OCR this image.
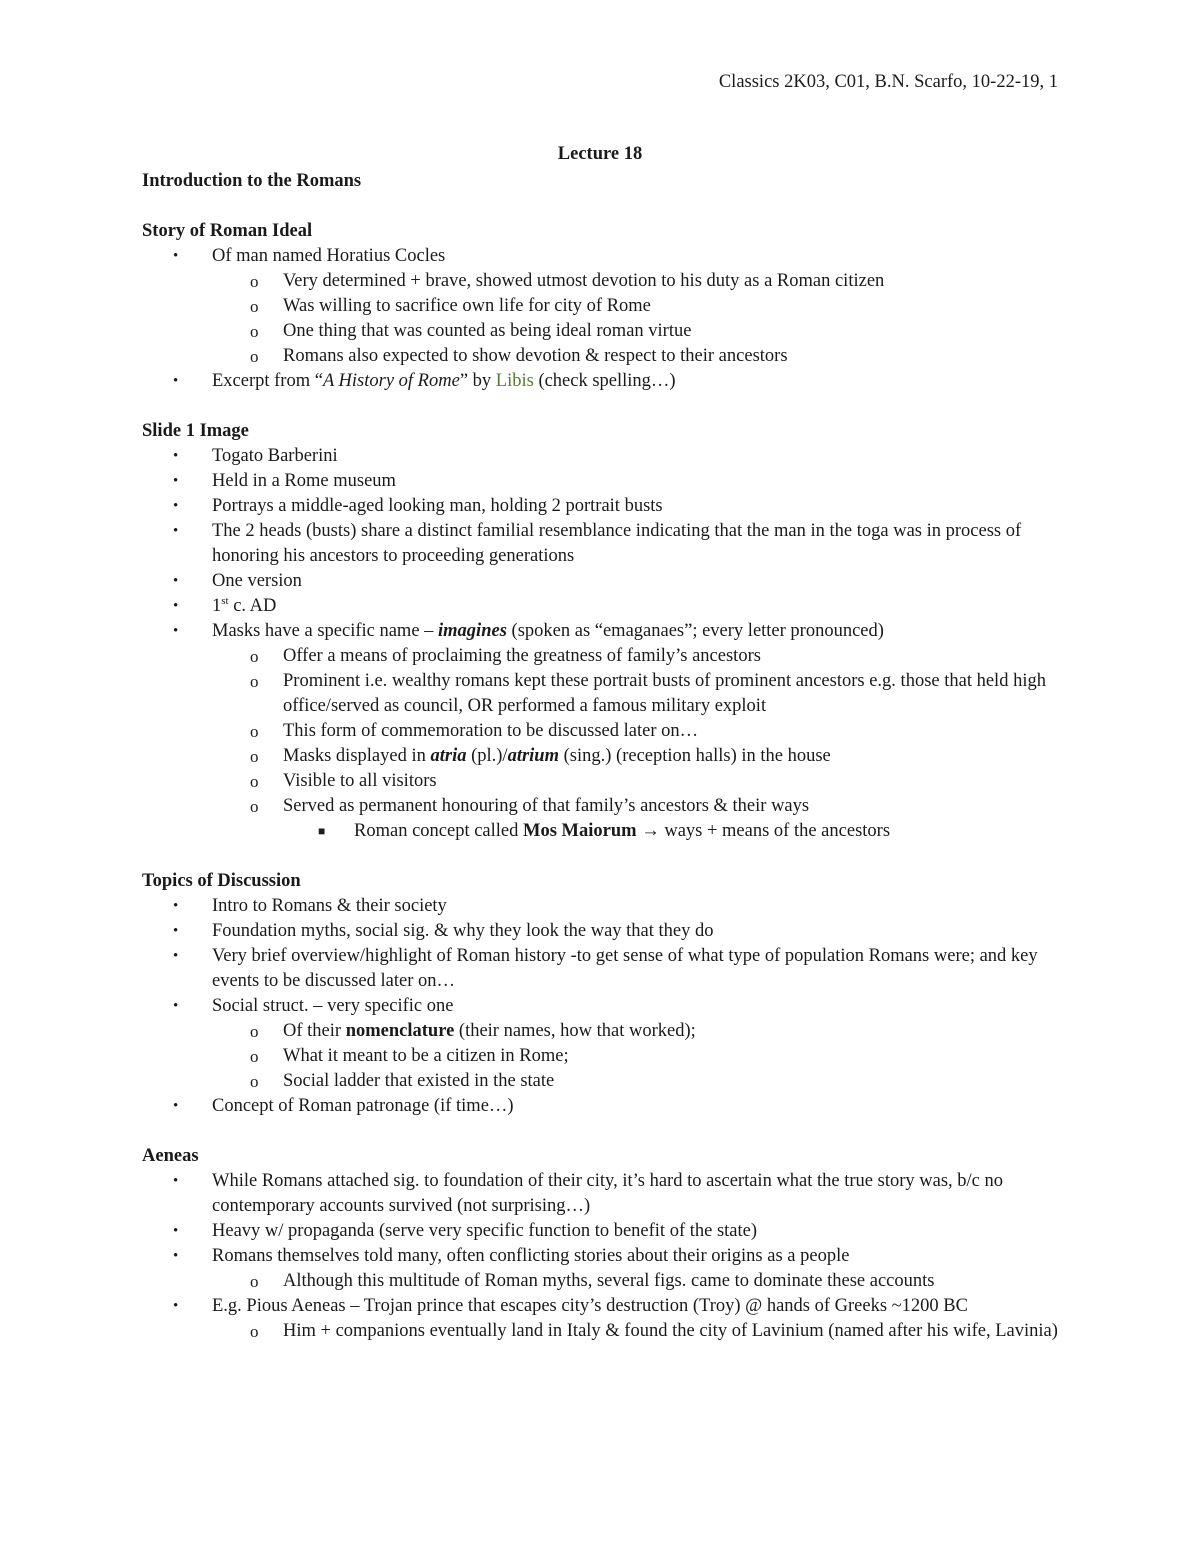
Classics 2K03, C01, B.N. Scarfo, 10-22-19, 1
Lecture 18
Introduction to the Romans
Story of Roman Ideal
• Of man named Horatius Cocles
o Very determined + brave, showed utmost devotion to his duty as a Roman citizen
o Was willing to sacrifice own life for city of Rome
o One thing that was counted as being ideal roman virtue
o Romans also expected to show devotion & respect to their ancestors
• Excerpt from “A History of Rome” by Libis (check spelling…)
Slide 1 Image
• Togato Barberini
• Held in a Rome museum
• Portrays a middle-aged looking man, holding 2 portrait busts
• The 2 heads (busts) share a distinct familial resemblance indicating that the man in the toga was in process of honoring his ancestors to proceeding generations
• One version
• 1st c. AD
• Masks have a specific name – imagines (spoken as “emaganaes”; every letter pronounced)
o Offer a means of proclaiming the greatness of family’s ancestors
o Prominent i.e. wealthy romans kept these portrait busts of prominent ancestors e.g. those that held high office/served as council, OR performed a famous military exploit
o This form of commemoration to be discussed later on…
o Masks displayed in atria (pl.)/atrium (sing.) (reception halls) in the house
o Visible to all visitors
o Served as permanent honouring of that family’s ancestors & their ways
■ Roman concept called Mos Maiorum → ways + means of the ancestors
Topics of Discussion
• Intro to Romans & their society
• Foundation myths, social sig. & why they look the way that they do
• Very brief overview/highlight of Roman history -to get sense of what type of population Romans were; and key events to be discussed later on…
• Social struct. – very specific one
o Of their nomenclature (their names, how that worked);
o What it meant to be a citizen in Rome;
o Social ladder that existed in the state
• Concept of Roman patronage (if time…)
Aeneas
• While Romans attached sig. to foundation of their city, it’s hard to ascertain what the true story was, b/c no contemporary accounts survived (not surprising…)
• Heavy w/ propaganda (serve very specific function to benefit of the state)
• Romans themselves told many, often conflicting stories about their origins as a people
o Although this multitude of Roman myths, several figs. came to dominate these accounts
• E.g. Pious Aeneas – Trojan prince that escapes city’s destruction (Troy) @ hands of Greeks ~1200 BC
o Him + companions eventually land in Italy & found the city of Lavinium (named after his wife, Lavinia)
